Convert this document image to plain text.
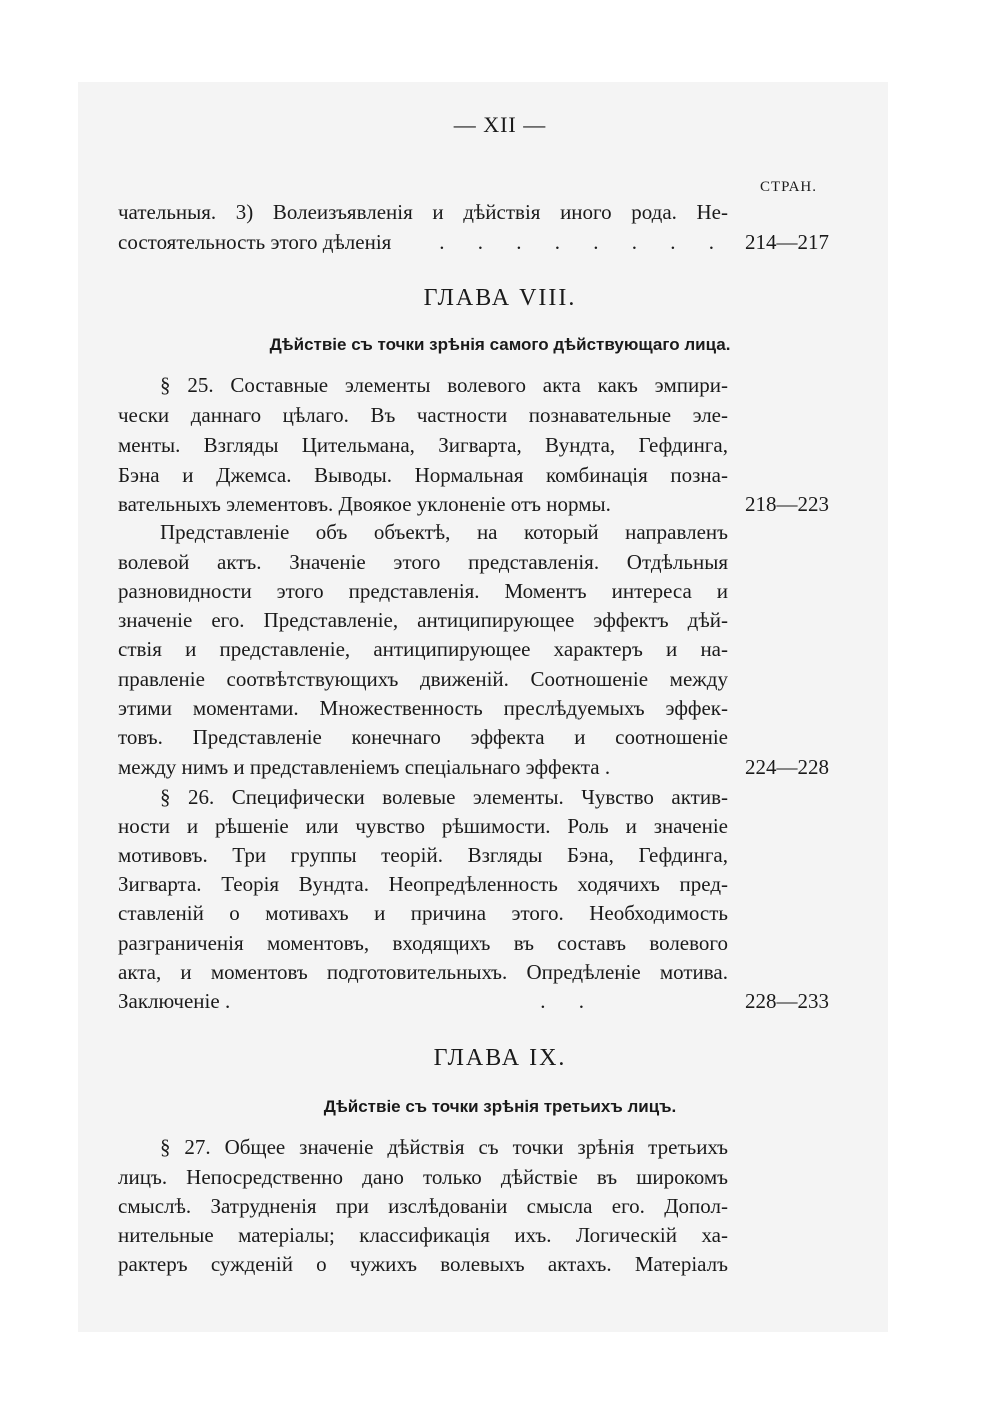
— XII —
СТРАН.
чательныя. 3) Волеизъявленія и дѣйствія иного рода. Не-
состоятельность этого дѣленія . . . . . . . . 214—217
ГЛАВА VIII.
Дѣйствіе съ точки зрѣнія самого дѣйствующаго лица.
§ 25. Составные элементы волевого акта какъ эмпири-
чески даннаго цѣлаго. Въ частности познавательные эле-
менты. Взгляды Цительмана, Зигварта, Вундта, Гефдинга,
Бэна и Джемса. Выводы. Нормальная комбинація позна-
вательныхъ элементовъ. Двоякое уклоненіе отъ нормы.	218—223
Представленіе объ объектѣ, на который направленъ
волевой актъ. Значеніе этого представленія. Отдѣльныя
разновидности этого представленія. Моментъ интереса и
значеніе его. Представленіе, антиципирующее эффектъ дѣй-
ствія и представленіе, антиципирующее характеръ и на-
правленіе соотвѣтствующихъ движеній. Соотношеніе между
этими моментами. Множественность преслѣдуемыхъ эффек-
товъ. Представленіе конечнаго эффекта и соотношеніе
между нимъ и представленіемъ спеціальнаго эффекта .	224—228
§ 26. Специфически волевые элементы. Чувство актив-
ности и рѣшеніе или чувство рѣшимости. Роль и значеніе
мотивовъ. Три группы теорій. Взгляды Бэна, Гефдинга,
Зигварта. Теорія Вундта. Неопредѣленность ходячихъ пред-
ставленій о мотивахъ и причина этого. Необходимость
разграниченія моментовъ, входящихъ въ составъ волевого
акта, и моментовъ подготовительныхъ. Опредѣленіе мотива.
Заключеніе .	. .	228—233
ГЛАВА IX.
Дѣйствіе съ точки зрѣнія третьихъ лицъ.
§ 27. Общее значеніе дѣйствія съ точки зрѣнія третьихъ
лицъ. Непосредственно дано только дѣйствіе въ широкомъ
смыслѣ. Затрудненія при изслѣдованіи смысла его. Допол-
нительные матеріалы; классификація ихъ. Логическій ха-
рактеръ сужденій о чужихъ волевыхъ актахъ. Матеріалъ
